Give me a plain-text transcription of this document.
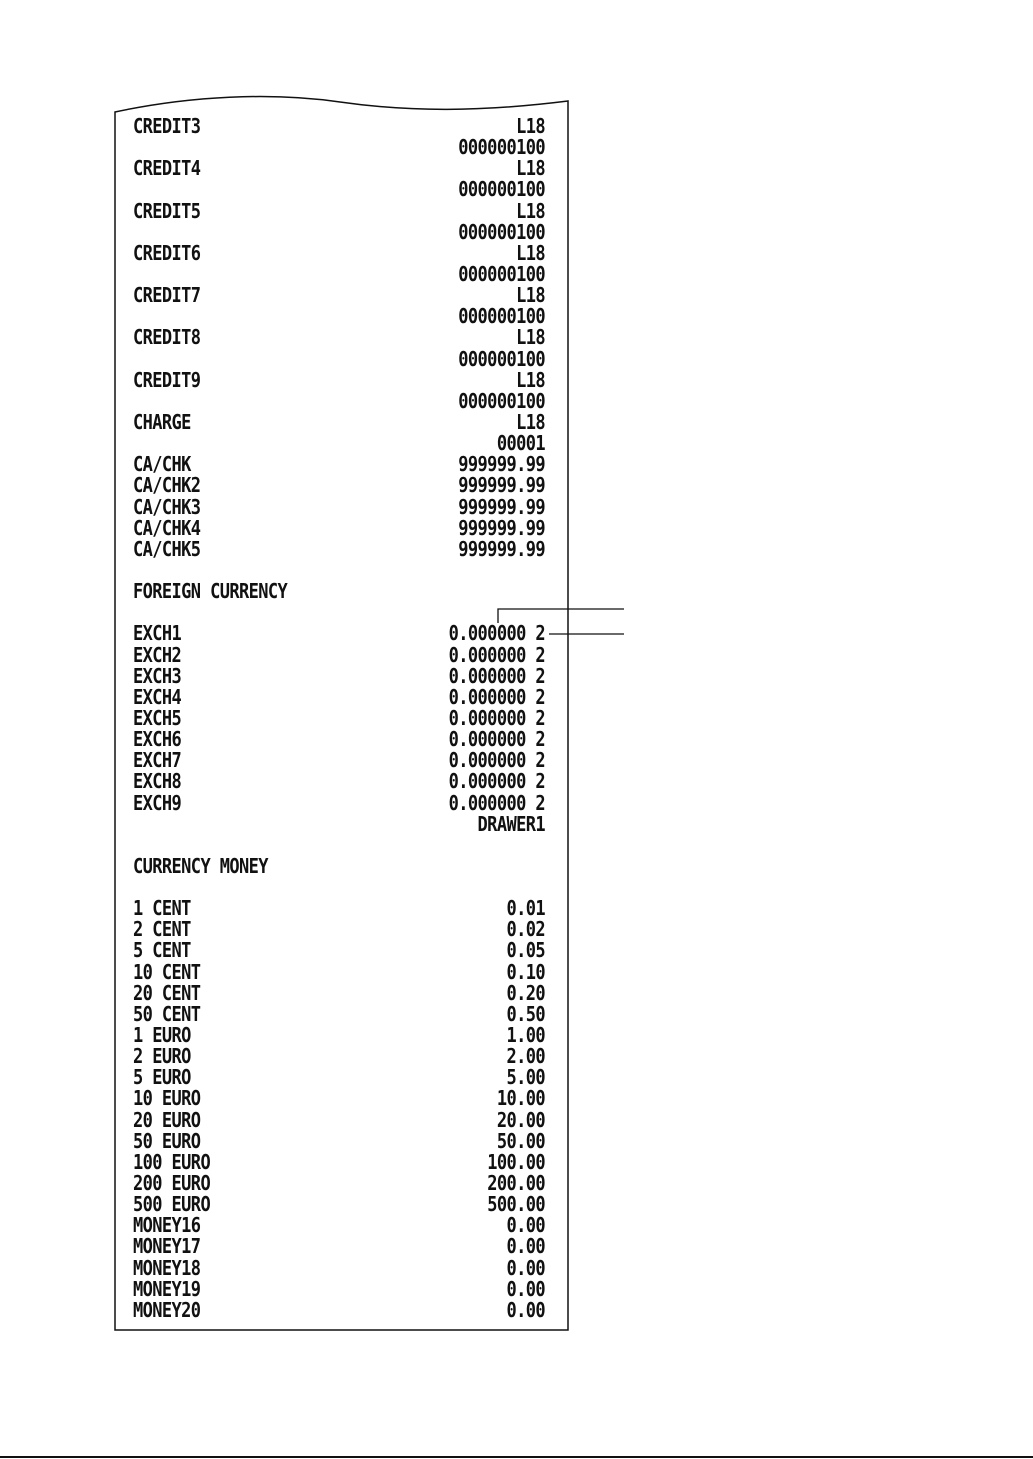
CREDIT3	L18
000000100
CREDIT4	L18
000000100
CREDIT5	L18
000000100
CREDIT6	L18
000000100
CREDIT7	L18
000000100
CREDIT8	L18
000000100
CREDIT9	L18
000000100
CHARGE	L18
00001
CA/CHK	999999.99
CA/CHK2	999999.99
CA/CHK3	999999.99
CA/CHK4	999999.99
CA/CHK5	999999.99
FOREIGN CURRENCY
EXCH1	0.000000 2
EXCH2	0.000000 2
EXCH3	0.000000 2
EXCH4	0.000000 2
EXCH5	0.000000 2
EXCH6	0.000000 2
EXCH7	0.000000 2
EXCH8	0.000000 2
EXCH9	0.000000 2
DRAWER1
CURRENCY MONEY
1 CENT	0.01
2 CENT	0.02
5 CENT	0.05
10 CENT	0.10
20 CENT	0.20
50 CENT	0.50
1 EURO	1.00
2 EURO	2.00
5 EURO	5.00
10 EURO	10.00
20 EURO	20.00
50 EURO	50.00
100 EURO	100.00
200 EURO	200.00
500 EURO	500.00
MONEY16	0.00
MONEY17	0.00
MONEY18	0.00
MONEY19	0.00
MONEY20	0.00
